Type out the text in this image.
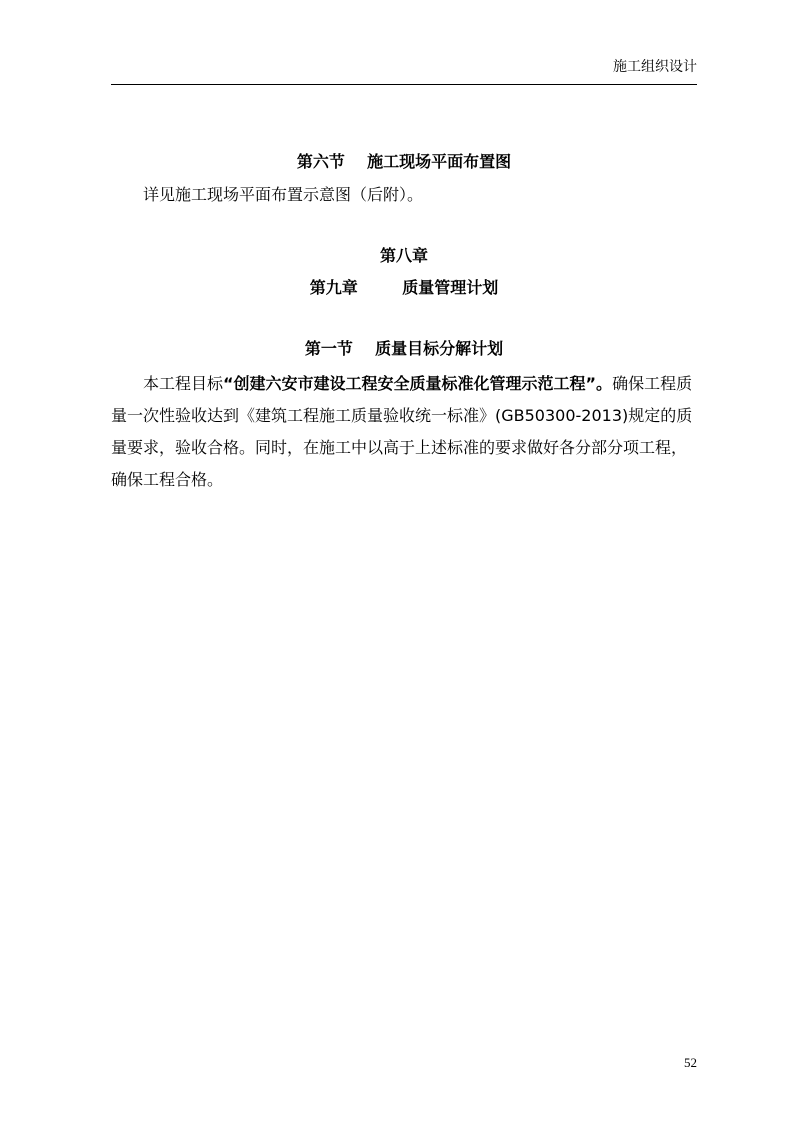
施工组织设计
第六节    施工现场平面布置图
详见施工现场平面布置示意图（后附）。
第八章
第九章        质量管理计划
第一节    质量目标分解计划
本工程目标“创建六安市建设工程安全质量标准化管理示范工程”。确保工程质量一次性验收达到《建筑工程施工质量验收统一标准》(GB50300-2013)规定的质量要求，验收合格。同时，在施工中以高于上述标准的要求做好各分部分项工程，确保工程合格。
52
